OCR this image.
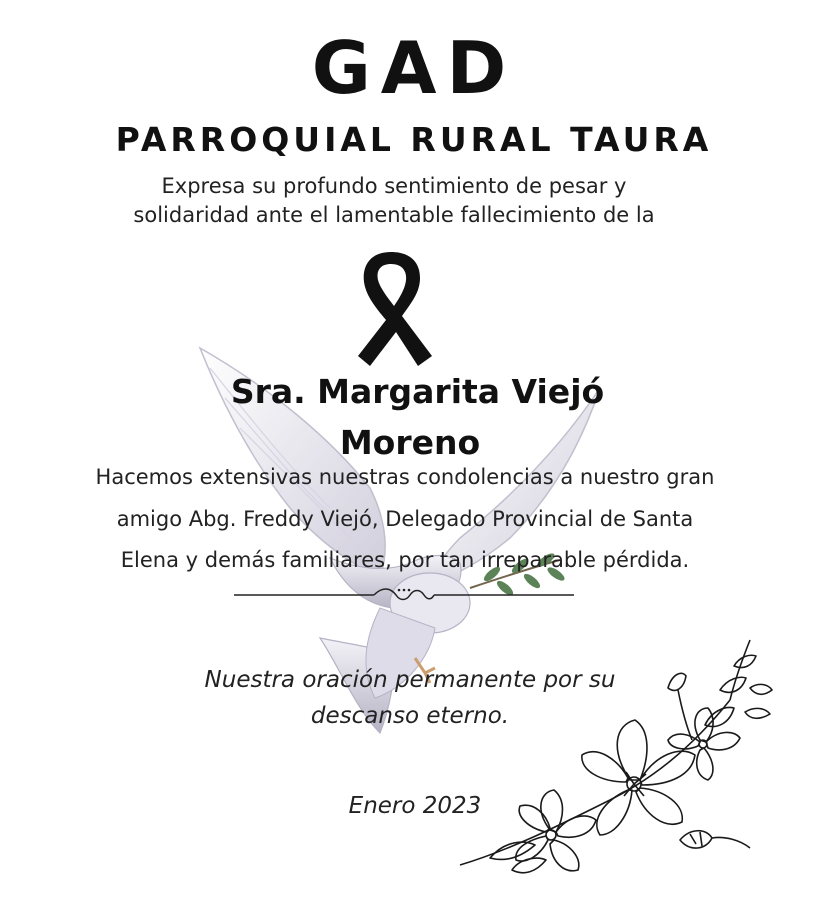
GAD
PARROQUIAL RURAL TAURA
Expresa su profundo sentimiento de pesar y
solidaridad ante el lamentable fallecimiento de la
Sra. Margarita Viejó
Moreno
Hacemos extensivas nuestras condolencias a nuestro gran
amigo Abg. Freddy Viejó, Delegado Provincial de Santa
Elena y demás familiares, por tan irreparable pérdida.
Nuestra oración permanente por su
descanso eterno.
Enero 2023
